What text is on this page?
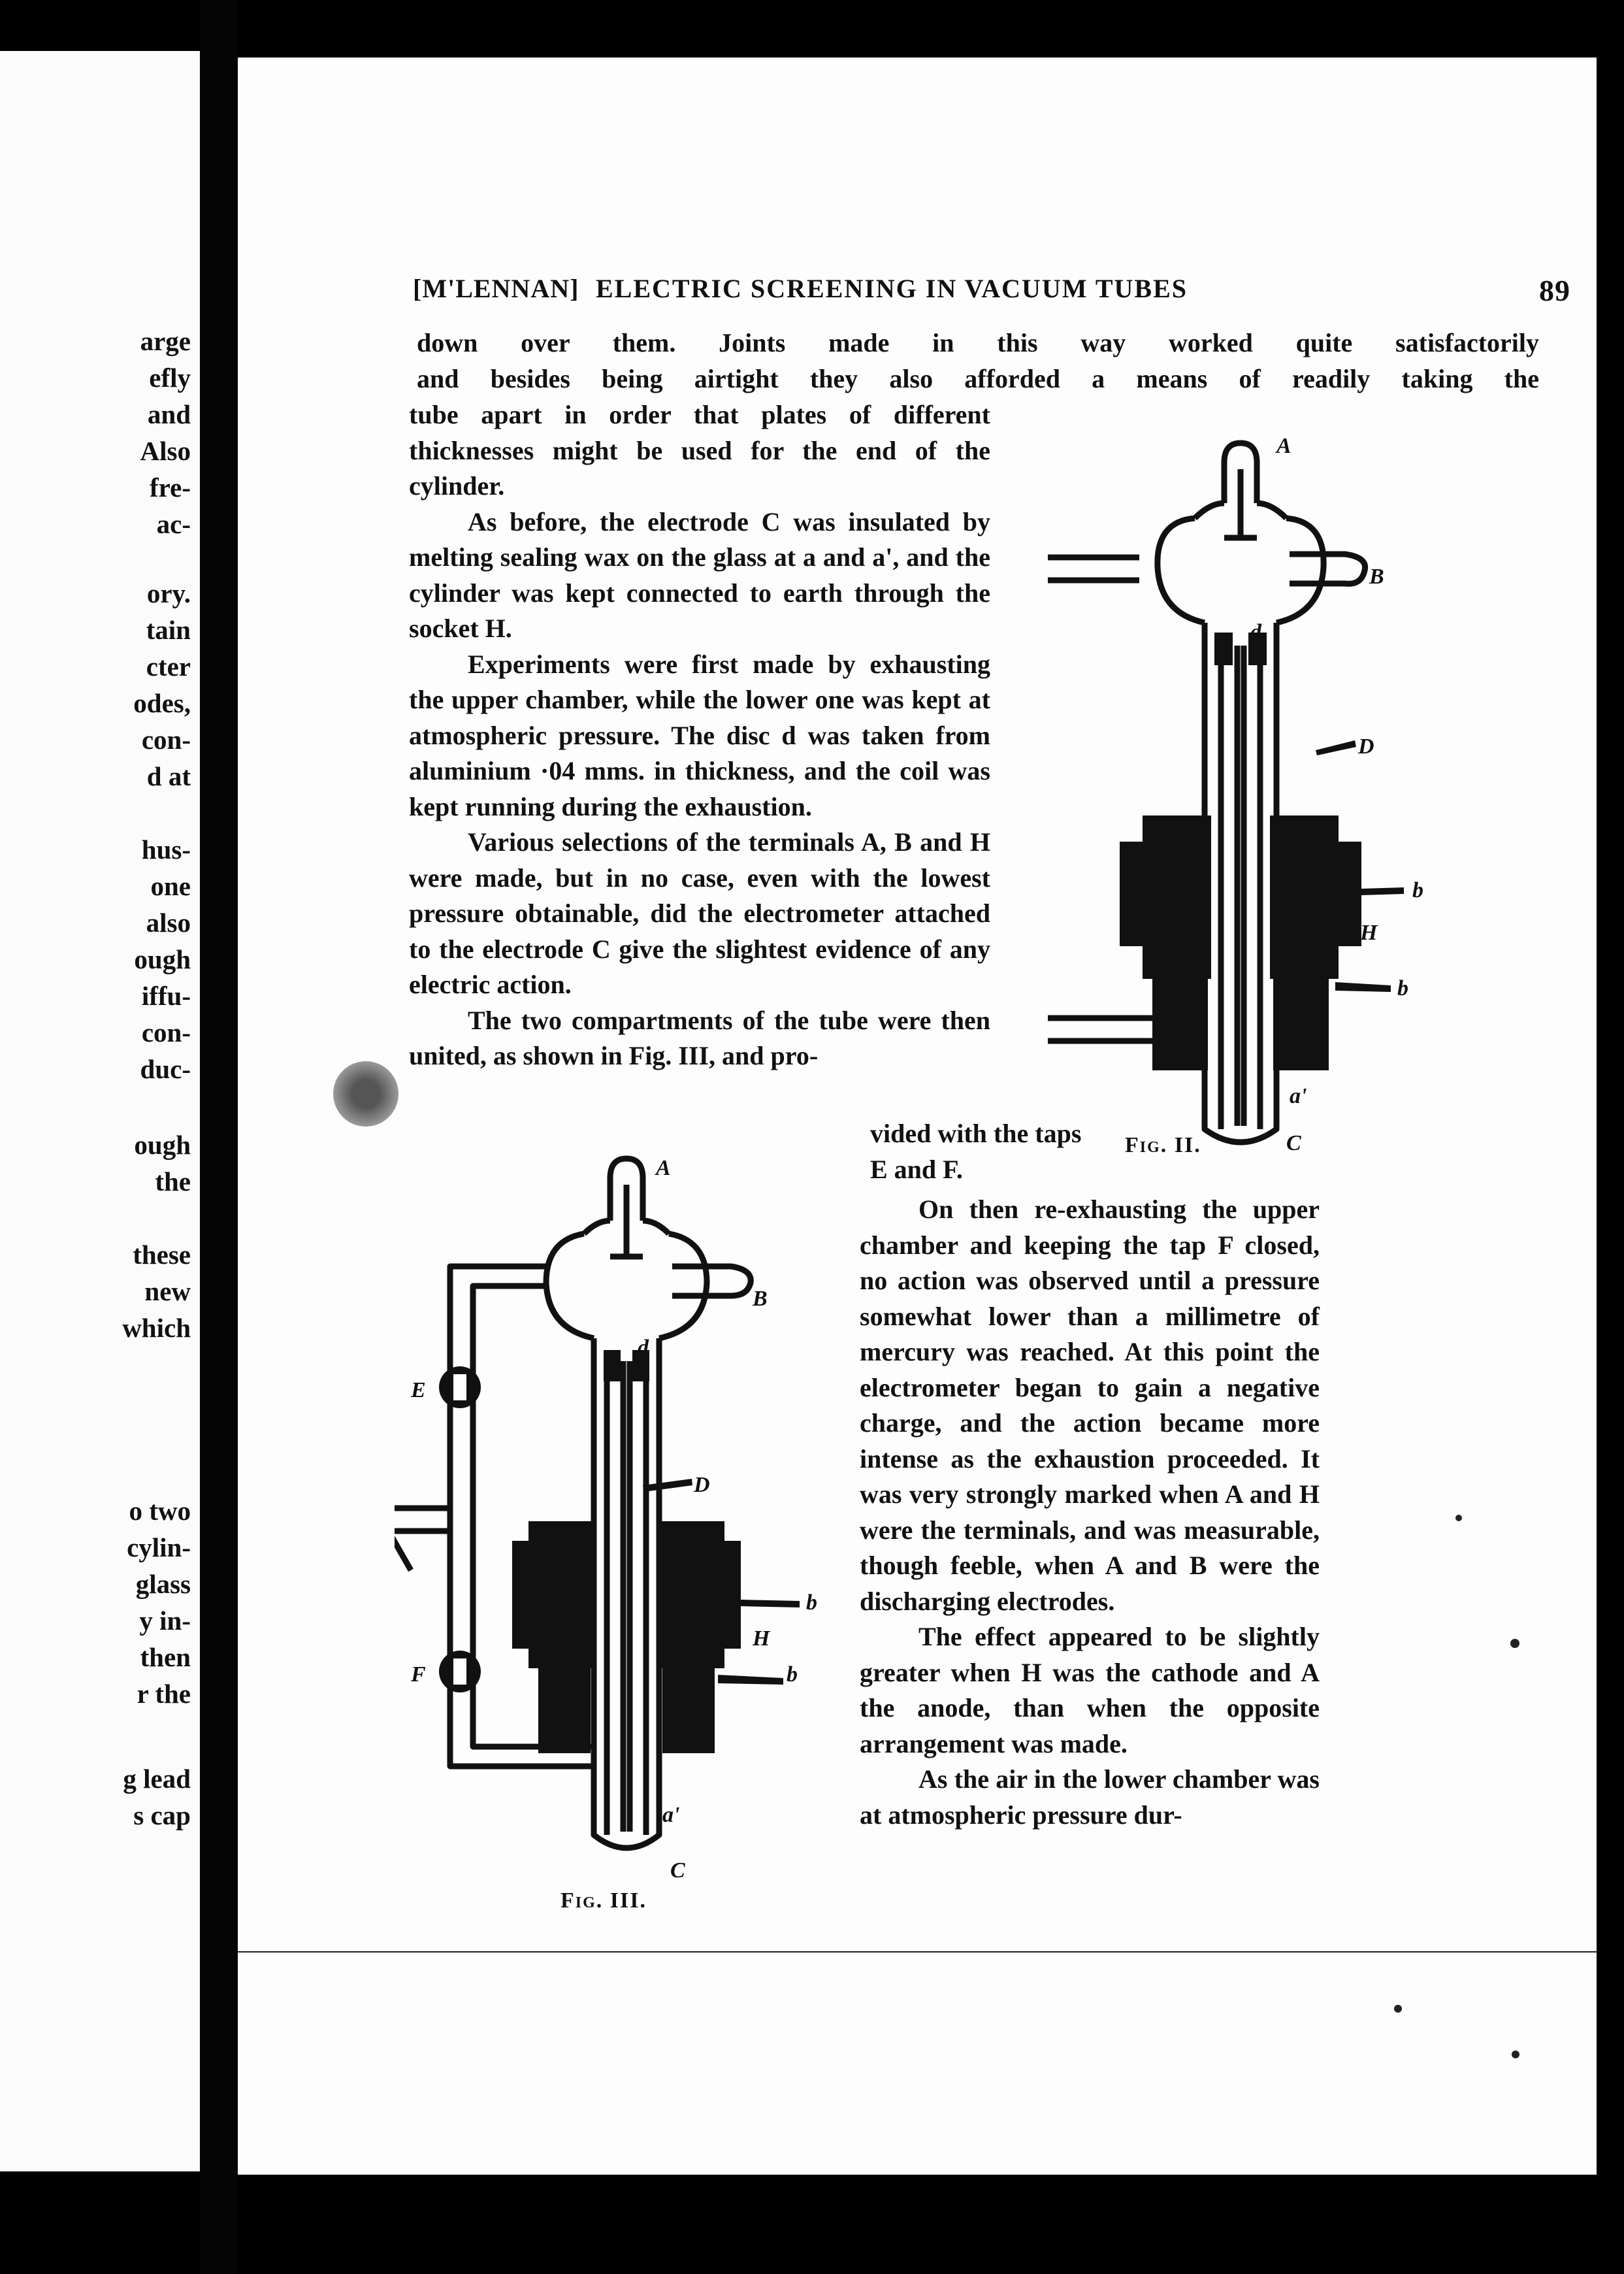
arge
efly
and
Also
fre-
ac-
ory.
tain
cter
odes,
con-
d at
hus-
one
also
ough
iffu-
con-
duc-
ough
the
these
new
which
o two
cylin-
glass
y in-
then
r the
g lead
s cap
[M'LENNAN] ELECTRIC SCREENING IN VACUUM TUBES	89

down over them. Joints made in this way worked quite satisfactorily

and besides being airtight they also afforded a means of readily taking the

tube apart in order that plates of different thicknesses might be used for the end of the cylinder.

As before, the electrode C was insulated by melting sealing wax on the glass at a and a', and the cylinder was kept connected to earth through the socket H.

Experiments were first made by exhausting the upper chamber, while the lower one was kept at atmospheric pressure. The disc d was taken from aluminium ·04 mms. in thickness, and the coil was kept running during the exhaustion.

Various selections of the terminals A, B and H were made, but in no case, even with the lowest pressure obtainable, did the electrometer attached to the electrode C give the slightest evidence of any electric action.

The two compartments of the tube were then united, as shown in Fig. III, and pro-

vided with the taps E and F.

On then re-exhausting the upper chamber and keeping the tap F closed, no action was observed until a pressure somewhat lower than a millimetre of mercury was reached. At this point the electrometer began to gain a negative charge, and the action became more intense as the exhaustion proceeded. It was very strongly marked when A and H were the terminals, and was measurable, though feeble, when A and B were the discharging electrodes.

The effect appeared to be slightly greater when H was the cathode and A the anode, than when the opposite arrangement was made.

As the air in the lower chamber was at atmospheric pressure dur-

A
B
d
D
b
H
b
a'
C
Fig. II.
A
B
d
D
E
F
b
H
b
a'
C
Fig. III.
